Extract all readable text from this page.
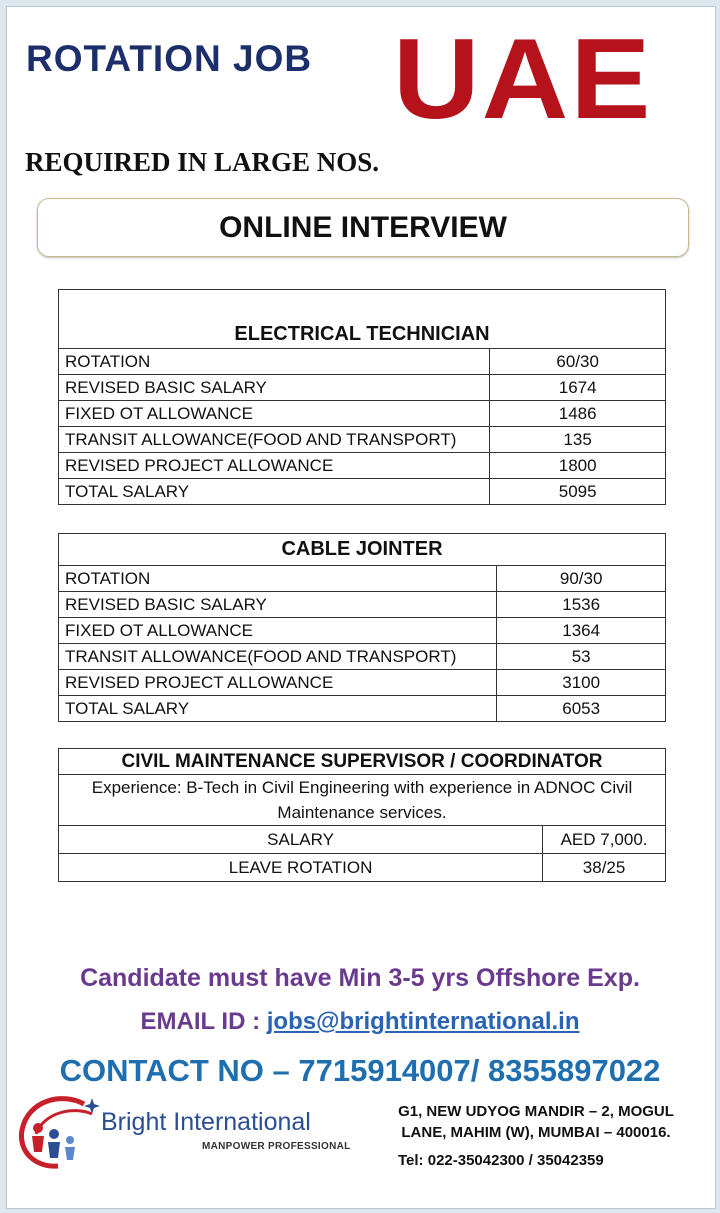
ROTATION JOB UAE
REQUIRED IN LARGE NOS.
ONLINE INTERVIEW
ELECTRICAL TECHNICIAN	
ROTATION	60/30
REVISED BASIC SALARY	1674
FIXED OT ALLOWANCE	1486
TRANSIT ALLOWANCE(FOOD AND TRANSPORT)	135
REVISED PROJECT ALLOWANCE	1800
TOTAL SALARY	5095
CABLE JOINTER	
ROTATION	90/30
REVISED BASIC SALARY	1536
FIXED OT ALLOWANCE	1364
TRANSIT ALLOWANCE(FOOD AND TRANSPORT)	53
REVISED PROJECT ALLOWANCE	3100
TOTAL SALARY	6053
CIVIL MAINTENANCE SUPERVISOR / COORDINATOR	
Experience: B-Tech in Civil Engineering with experience in ADNOC Civil Maintenance services.	
SALARY	AED 7,000.
LEAVE ROTATION	38/25
Candidate must have Min 3-5 yrs Offshore Exp.
EMAIL ID : jobs@brightinternational.in
CONTACT NO – 7715914007/ 8355897022
Bright International
MANPOWER PROFESSIONAL
G1, NEW UDYOG MANDIR – 2, MOGUL
LANE, MAHIM (W), MUMBAI – 400016.
Tel: 022-35042300 / 35042359
